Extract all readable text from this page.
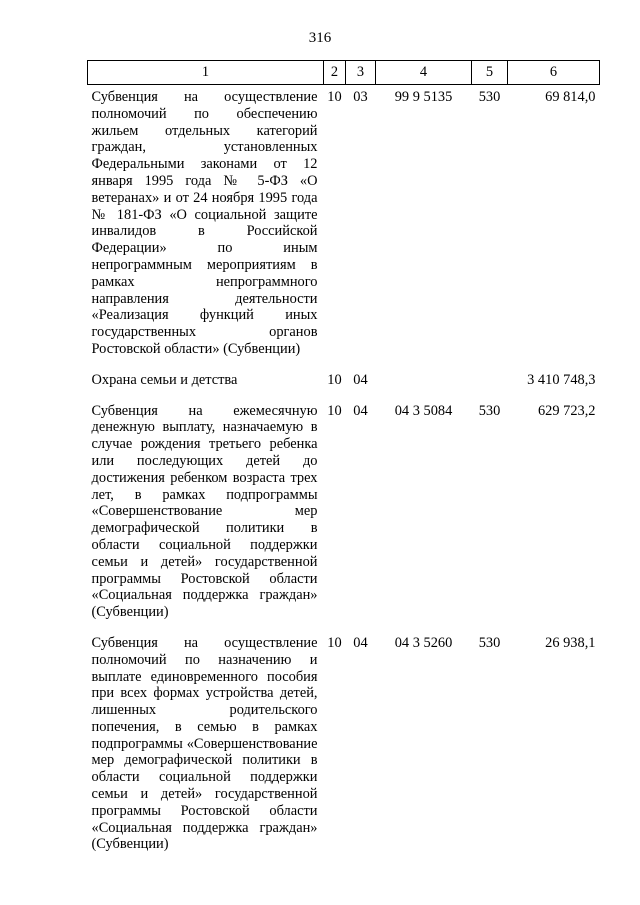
316
1	2	3	4	5	6
Субвенция на осуществление полномочий по обеспечению жильем отдельных категорий граждан, установленных Федеральными законами от 12 января 1995 года № 5-ФЗ «О ветеранах» и от 24 ноября 1995 года № 181-ФЗ «О социальной защите инвалидов в Российской Федерации» по иным непрограммным мероприятиям в рамках непрограммного направления деятельности «Реализация функций иных государственных органов Ростовской области» (Субвенции)	10	03	99 9 5135	530	69 814,0
Охрана семьи и детства	10	04			3 410 748,3
Субвенция на ежемесячную денежную выплату, назначаемую в случае рождения третьего ребенка или последующих детей до достижения ребенком возраста трех лет, в рамках подпрограммы «Совершенствование мер демографической политики в области социальной поддержки семьи и детей» государственной программы Ростовской области «Социальная поддержка граждан» (Субвенции)	10	04	04 3 5084	530	629 723,2
Субвенция на осуществление полномочий по назначению и выплате единовременного пособия при всех формах устройства детей, лишенных родительского попечения, в семью в рамках подпрограммы «Совершенствование мер демографической политики в области социальной поддержки семьи и детей» государственной программы Ростовской области «Социальная поддержка граждан» (Субвенции)	10	04	04 3 5260	530	26 938,1
